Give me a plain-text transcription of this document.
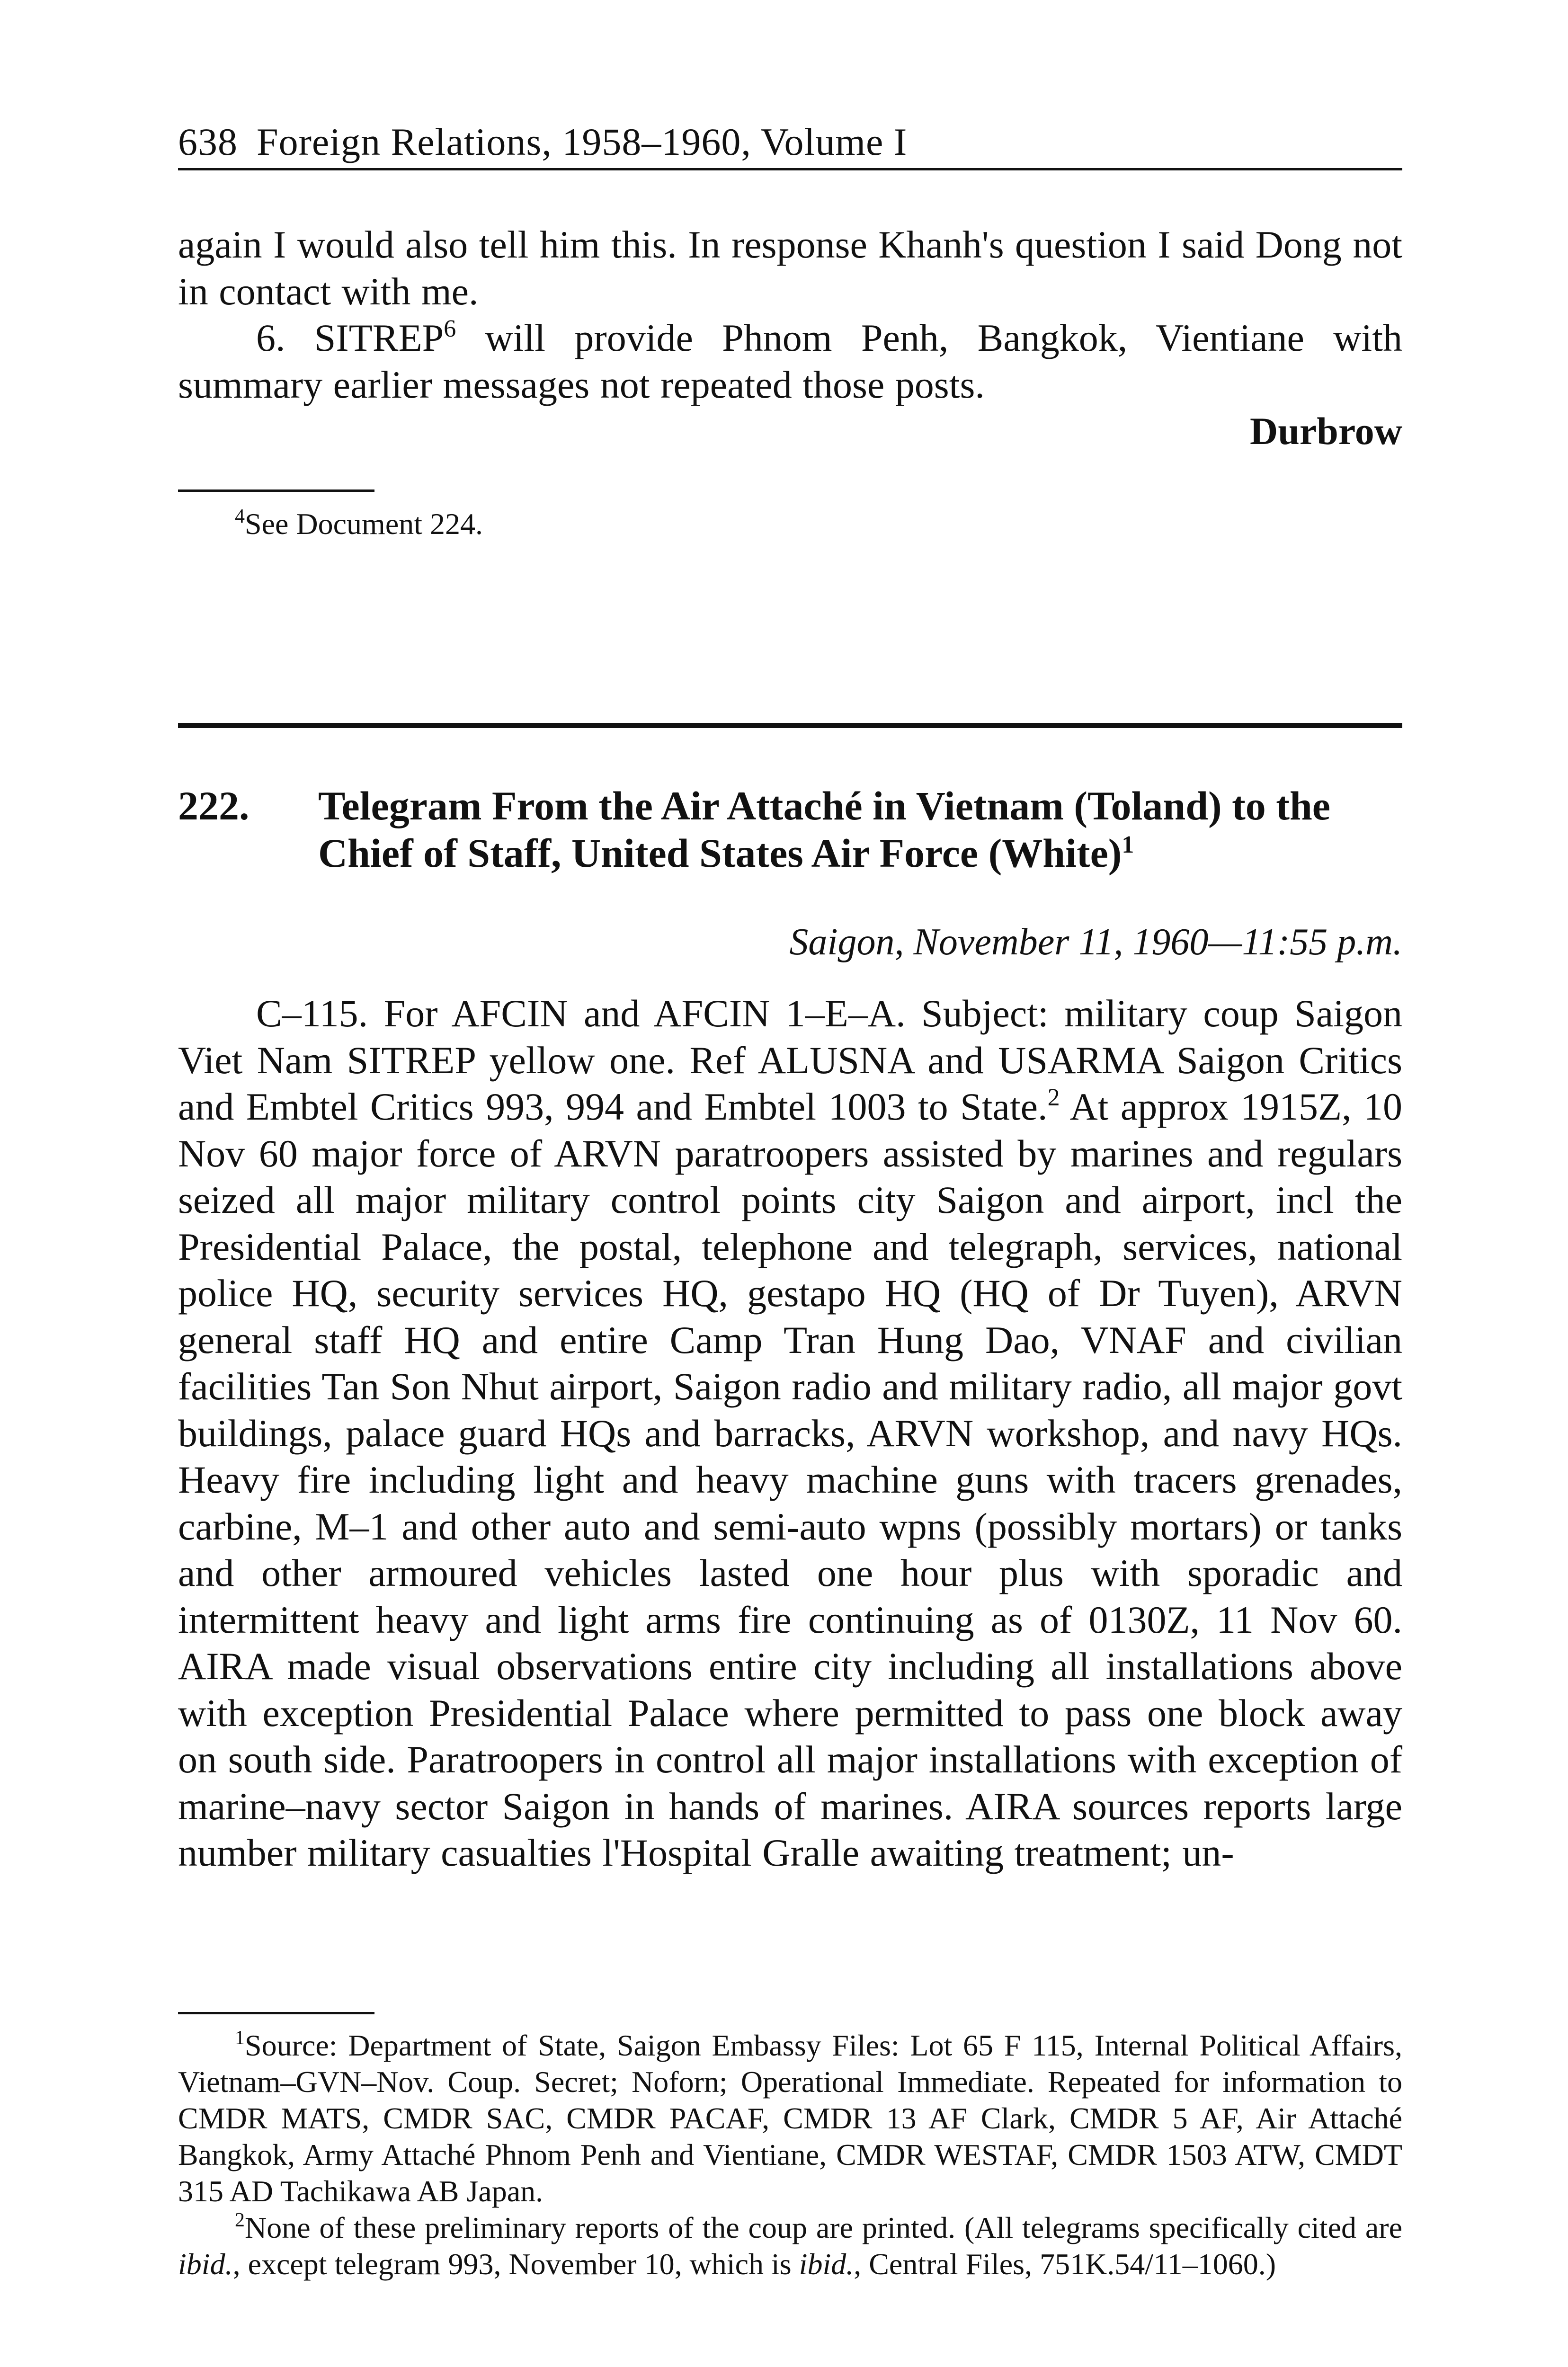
638 Foreign Relations, 1958–1960, Volume I

again I would also tell him this. In response Khanh's question I said Dong not in contact with me.

6. SITREP$^6$ will provide Phnom Penh, Bangkok, Vientiane with summary earlier messages not repeated those posts.

Durbrow

$^4$See Document 224.

222. Telegram From the Air Attaché in Vietnam (Toland) to the Chief of Staff, United States Air Force (White)$^1$
Saigon, November 11, 1960—11:55 p.m.

C–115. For AFCIN and AFCIN 1–E–A. Subject: military coup Saigon Viet Nam SITREP yellow one. Ref ALUSNA and USARMA Saigon Critics and Embtel Critics 993, 994 and Embtel 1003 to State.$^2$ At approx 1915Z, 10 Nov 60 major force of ARVN paratroopers assisted by marines and regulars seized all major military control points city Saigon and airport, incl the Presidential Palace, the postal, telephone and telegraph, services, national police HQ, security services HQ, gestapo HQ (HQ of Dr Tuyen), ARVN general staff HQ and entire Camp Tran Hung Dao, VNAF and civilian facilities Tan Son Nhut airport, Saigon radio and military radio, all major govt buildings, palace guard HQs and barracks, ARVN workshop, and navy HQs. Heavy fire including light and heavy machine guns with tracers grenades, carbine, M–1 and other auto and semi-auto wpns (possibly mortars) or tanks and other armoured vehicles lasted one hour plus with sporadic and intermittent heavy and light arms fire continuing as of 0130Z, 11 Nov 60. AIRA made visual observations entire city including all installations above with exception Presidential Palace where permitted to pass one block away on south side. Paratroopers in control all major installations with exception of marine–navy sector Saigon in hands of marines. AIRA sources reports large number military casualties l'Hospital Gralle awaiting treatment; un-

$^1$Source: Department of State, Saigon Embassy Files: Lot 65 F 115, Internal Political Affairs, Vietnam–GVN–Nov. Coup. Secret; Noforn; Operational Immediate. Repeated for information to CMDR MATS, CMDR SAC, CMDR PACAF, CMDR 13 AF Clark, CMDR 5 AF, Air Attaché Bangkok, Army Attaché Phnom Penh and Vientiane, CMDR WESTAF, CMDR 1503 ATW, CMDT 315 AD Tachikawa AB Japan.

$^2$None of these preliminary reports of the coup are printed. (All telegrams specifically cited are ibid., except telegram 993, November 10, which is ibid., Central Files, 751K.54/11–1060.)
